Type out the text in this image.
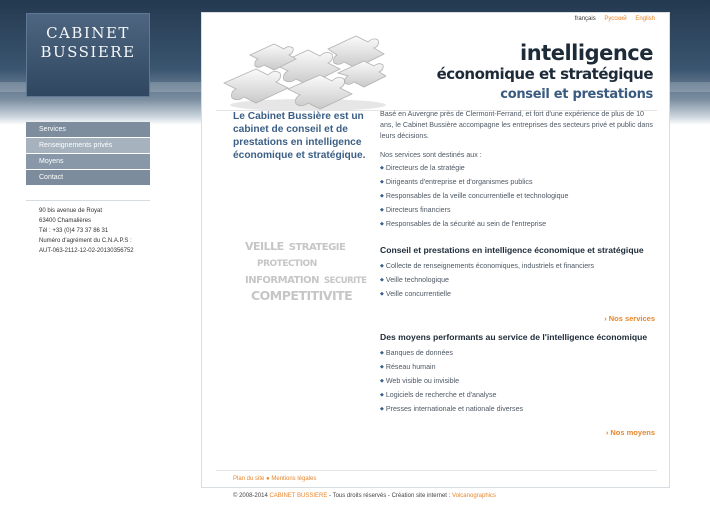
CABINET
BUSSIERE
Services
Renseignements privés
Moyens
Contact
90 bis avenue de Royat
63400 Chamalières
Tél : +33 (0)4 73 37 86 31
Numéro d'agrément du C.N.A.P.S :
AUT-063-2112-12-02-20130356752
français Русский English
intelligence
économique et stratégique
conseil et prestations
Le Cabinet Bussière est un cabinet de conseil et de prestations en intelligence économique et stratégique.
VEILLE STRATEGIE
PROTECTION
INFORMATION SECURITE
COMPETITIVITE

Basé en Auvergne près de Clermont-Ferrand, et fort d'une expérience de plus de 10 ans, le Cabinet Bussière accompagne les entreprises des secteurs privé et public dans leurs décisions.

Nos services sont destinés aux :
◆ Directeurs de la stratégie
◆ Dirigeants d'entreprise et d'organismes publics
◆ Responsables de la veille concurrentielle et technologique
◆ Directeurs financiers
◆ Responsables de la sécurité au sein de l'entreprise
Conseil et prestations en intelligence économique et stratégique
◆ Collecte de renseignements économiques, industriels et financiers
◆ Veille technologique
◆ Veille concurrentielle
› Nos services
Des moyens performants au service de l'intelligence économique
◆ Banques de données
◆ Réseau humain
◆ Web visible ou invisible
◆ Logiciels de recherche et d'analyse
◆ Presses internationale et nationale diverses
› Nos moyens
Plan du site ● Mentions légales
© 2008-2014 CABINET BUSSIERE - Tous droits réservés - Création site internet : Volcanographics
